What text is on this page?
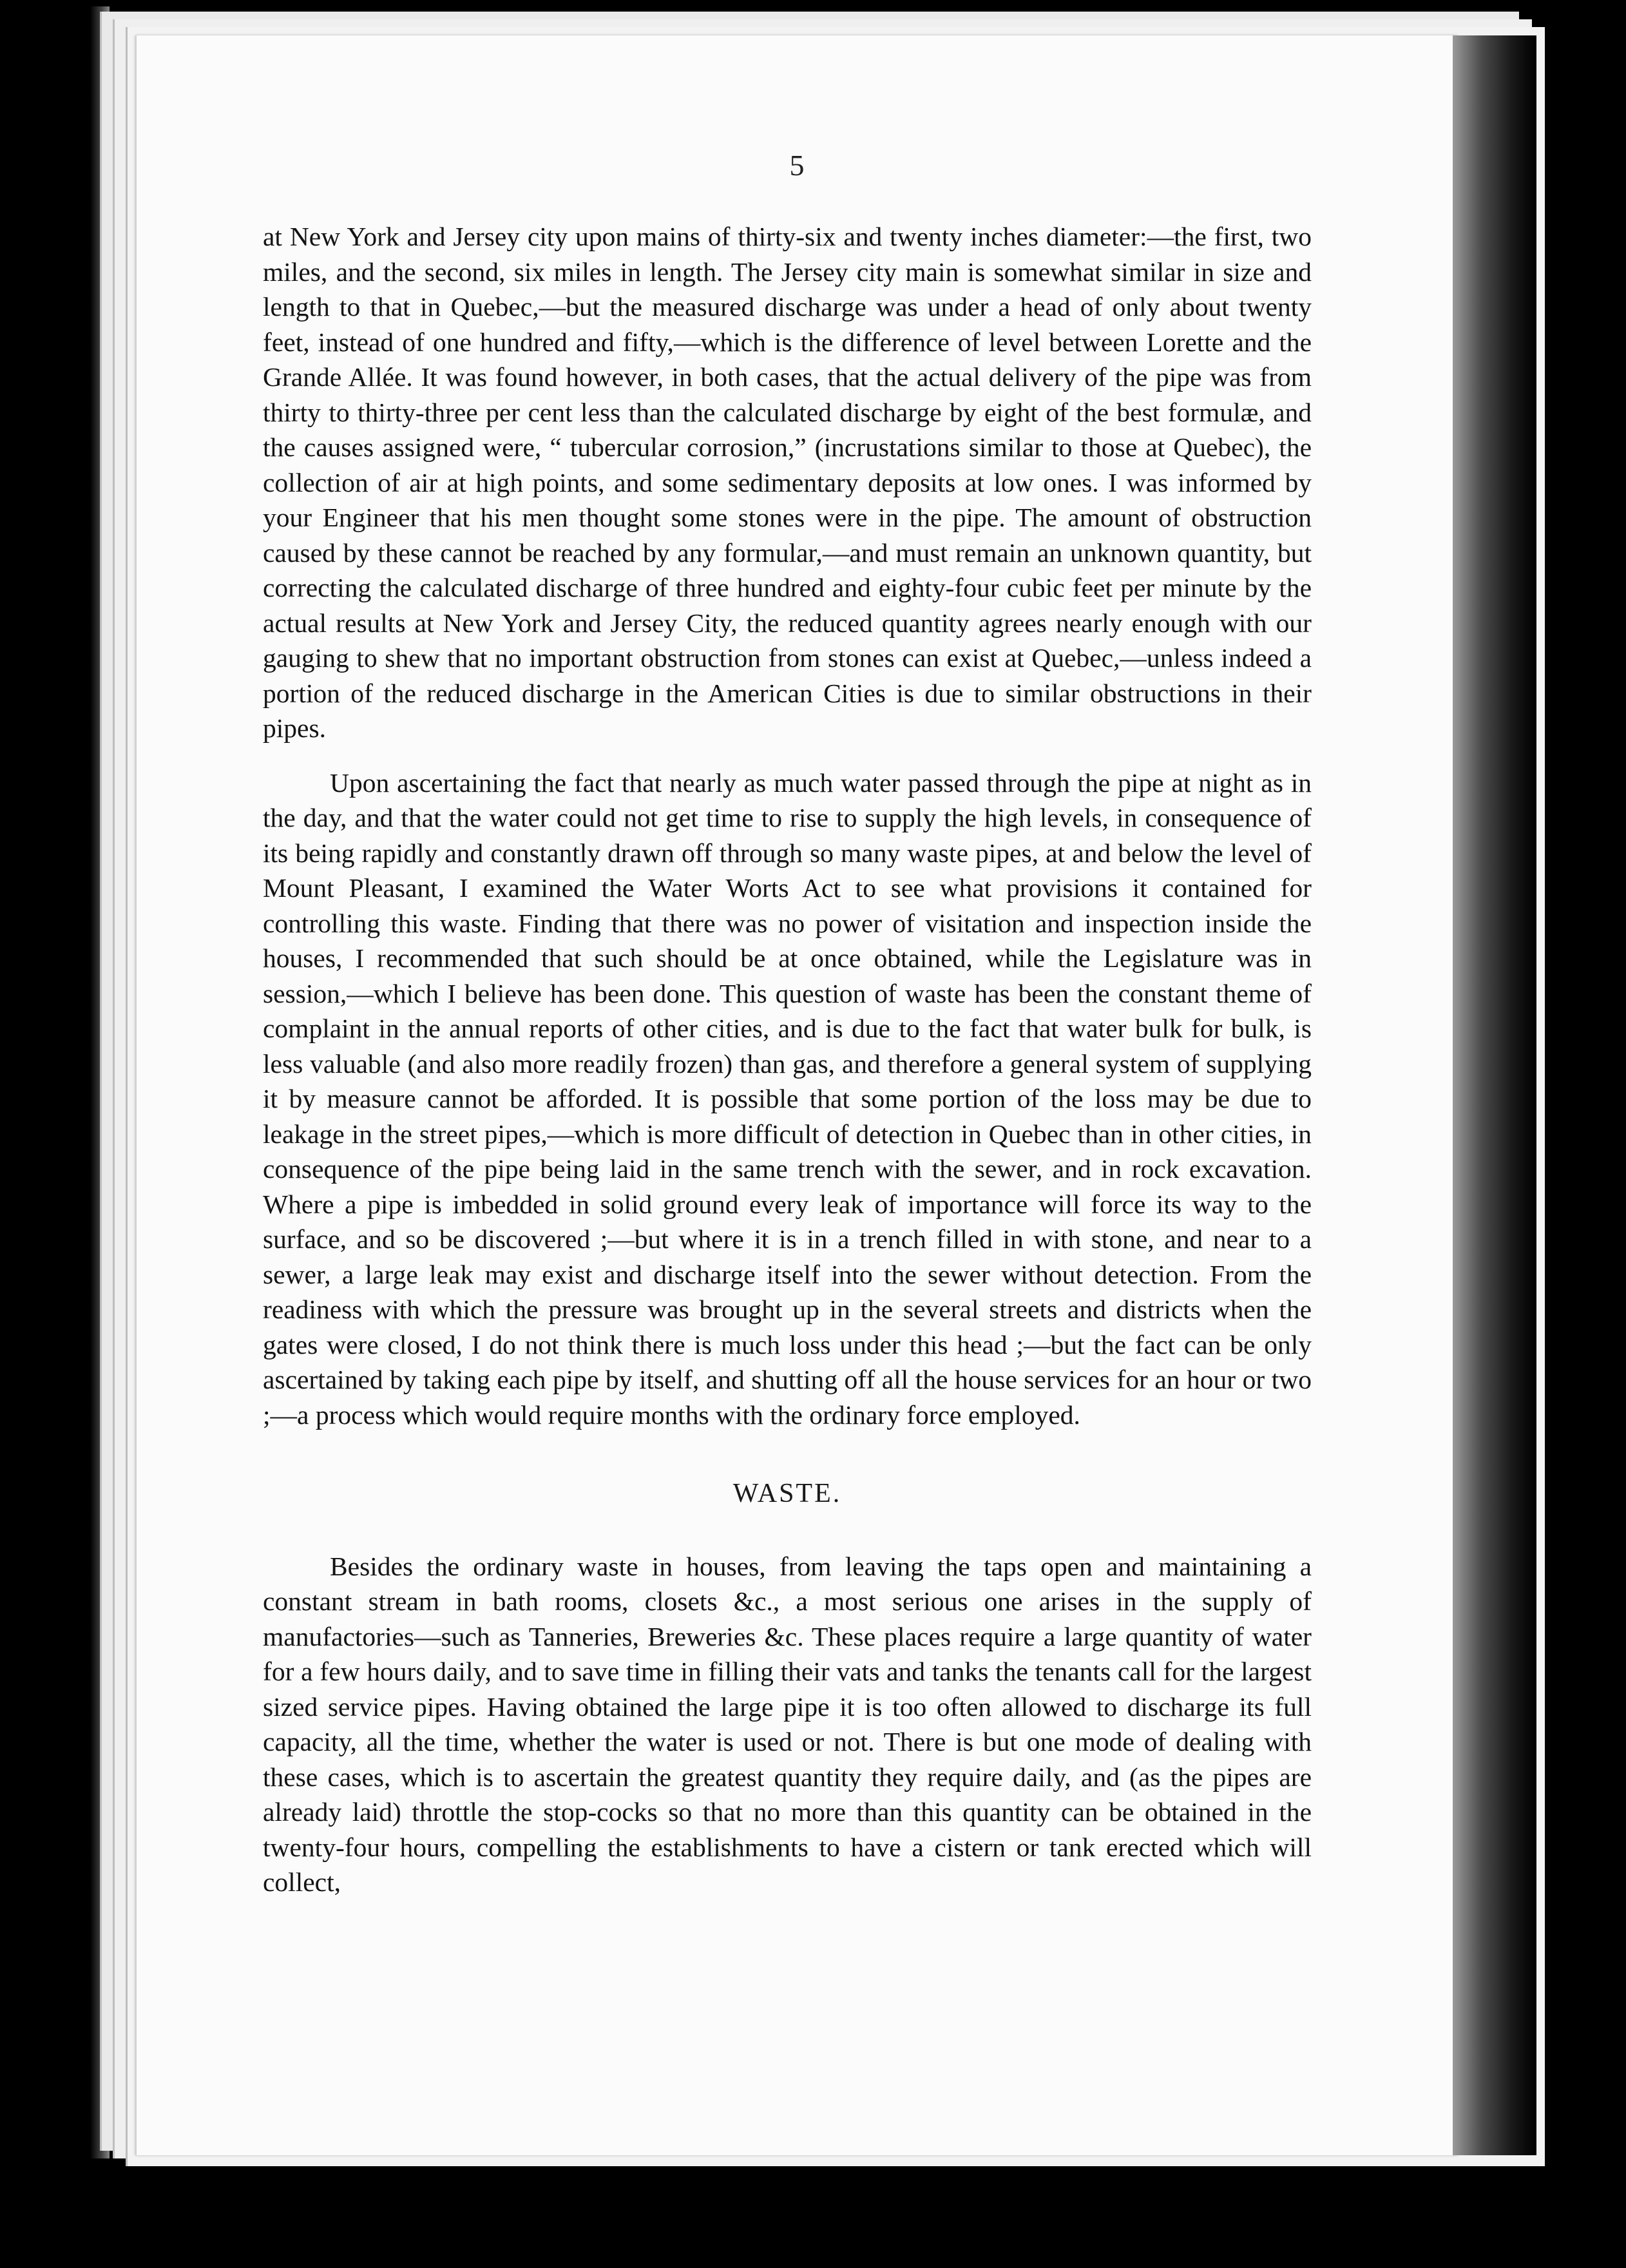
5

at New York and Jersey city upon mains of thirty-six and twenty inches diameter:—the first, two miles, and the second, six miles in length. The Jersey city main is somewhat similar in size and length to that in Quebec,—but the measured discharge was under a head of only about twenty feet, instead of one hundred and fifty,—which is the difference of level between Lorette and the Grande Allée. It was found however, in both cases, that the actual delivery of the pipe was from thirty to thirty-three per cent less than the calculated discharge by eight of the best formulæ, and the causes assigned were, “ tubercular corrosion,” (incrustations similar to those at Quebec), the collection of air at high points, and some sedimentary deposits at low ones. I was informed by your Engineer that his men thought some stones were in the pipe. The amount of obstruction caused by these cannot be reached by any formular,—and must remain an unknown quantity, but correcting the calculated discharge of three hundred and eighty-four cubic feet per minute by the actual results at New York and Jersey City, the reduced quantity agrees nearly enough with our gauging to shew that no important obstruction from stones can exist at Quebec,—unless indeed a portion of the reduced discharge in the American Cities is due to similar obstructions in their pipes.

Upon ascertaining the fact that nearly as much water passed through the pipe at night as in the day, and that the water could not get time to rise to supply the high levels, in consequence of its being rapidly and constantly drawn off through so many waste pipes, at and below the level of Mount Pleasant, I examined the Water Worts Act to see what provisions it contained for controlling this waste. Finding that there was no power of visitation and inspection inside the houses, I recommended that such should be at once obtained, while the Legislature was in session,—which I believe has been done. This question of waste has been the constant theme of complaint in the annual reports of other cities, and is due to the fact that water bulk for bulk, is less valuable (and also more readily frozen) than gas, and therefore a general system of supplying it by measure cannot be afforded. It is possible that some portion of the loss may be due to leakage in the street pipes,—which is more difficult of detection in Quebec than in other cities, in consequence of the pipe being laid in the same trench with the sewer, and in rock excavation. Where a pipe is imbedded in solid ground every leak of importance will force its way to the surface, and so be discovered ;—but where it is in a trench filled in with stone, and near to a sewer, a large leak may exist and discharge itself into the sewer without detection. From the readiness with which the pressure was brought up in the several streets and districts when the gates were closed, I do not think there is much loss under this head ;—but the fact can be only ascertained by taking each pipe by itself, and shutting off all the house services for an hour or two ;—a process which would require months with the ordinary force employed.

WASTE.

Besides the ordinary waste in houses, from leaving the taps open and maintaining a constant stream in bath rooms, closets &c., a most serious one arises in the supply of manufactories—such as Tanneries, Breweries &c. These places require a large quantity of water for a few hours daily, and to save time in filling their vats and tanks the tenants call for the largest sized service pipes. Having obtained the large pipe it is too often allowed to discharge its full capacity, all the time, whether the water is used or not. There is but one mode of dealing with these cases, which is to ascertain the greatest quantity they require daily, and (as the pipes are already laid) throttle the stop-cocks so that no more than this quantity can be obtained in the twenty-four hours, compelling the establishments to have a cistern or tank erected which will collect,
